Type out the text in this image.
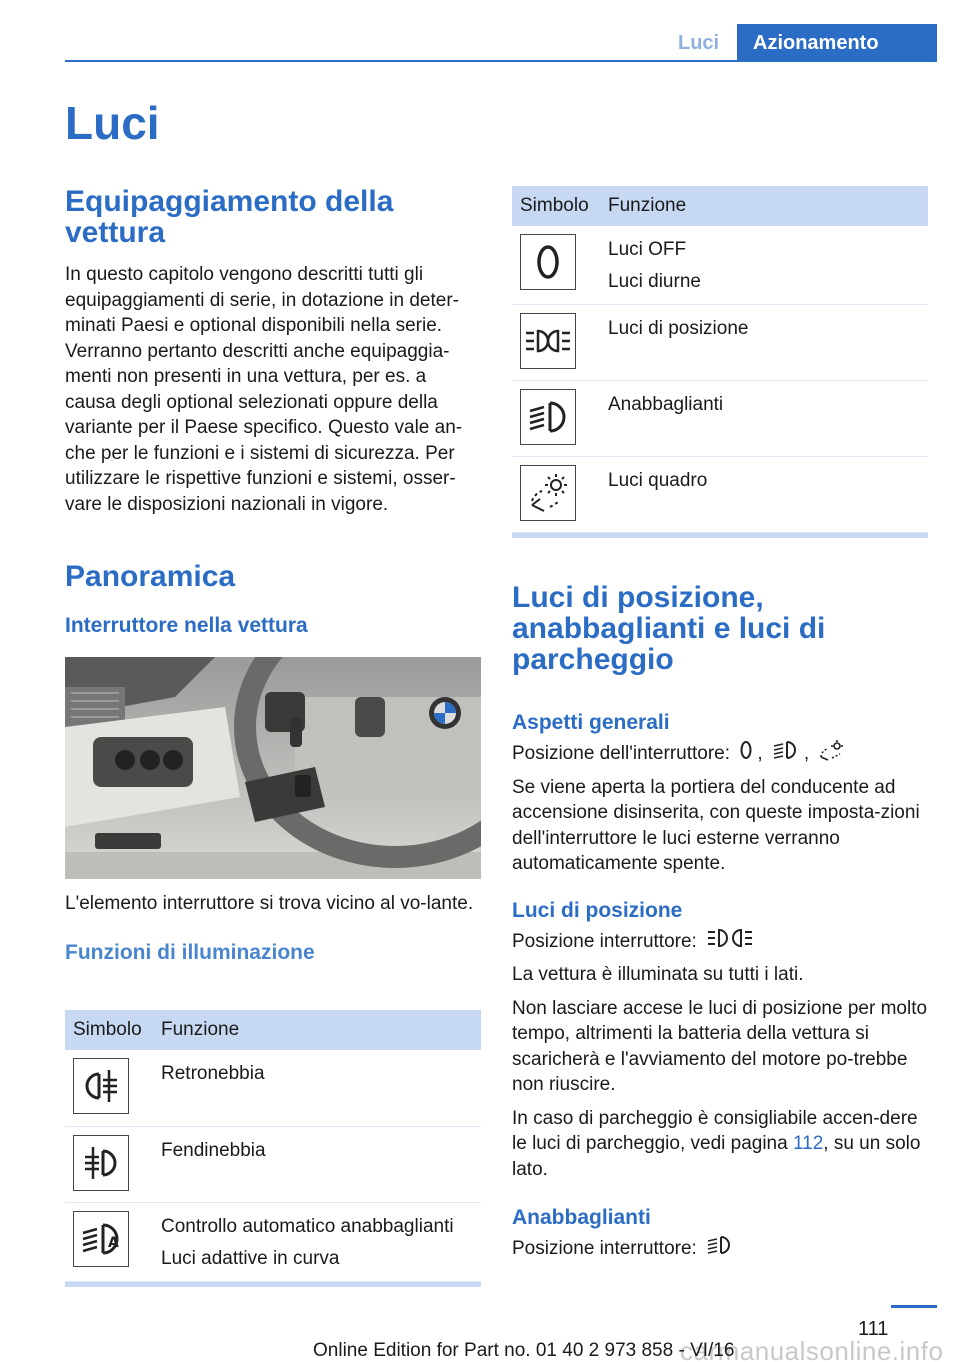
Luci	Azionamento
Luci
Equipaggiamento della vettura

In questo capitolo vengono descritti tutti gli equipaggiamenti di serie, in dotazione in deter-minati Paesi e optional disponibili nella serie. Verranno pertanto descritti anche equipaggia-menti non presenti in una vettura, per es. a causa degli optional selezionati oppure della variante per il Paese specifico. Questo vale an-che per le funzioni e i sistemi di sicurezza. Per utilizzare le rispettive funzioni e sistemi, osser-vare le disposizioni nazionali in vigore.

Panoramica
Interruttore nella vettura

L'elemento interruttore si trova vicino al vo-lante.

Funzioni di illuminazione
Simbolo	Funzione

Retronebbia

Fendinebbia

A	Controllo automatico anabbaglianti
Luci adattive in curva
Simbolo	Funzione

Luci OFF
Luci diurne

Luci di posizione

Anabbaglianti

Luci quadro
Luci di posizione, anabbaglianti e luci di parcheggio
Aspetti generali

Posizione dell'interruttore: , ,

Se viene aperta la portiera del conducente ad accensione disinserita, con queste imposta-zioni dell'interruttore le luci esterne verranno automaticamente spente.

Luci di posizione

Posizione interruttore:

La vettura è illuminata su tutti i lati.

Non lasciare accese le luci di posizione per molto tempo, altrimenti la batteria della vettura si scaricherà e l'avviamento del motore po-trebbe non riuscire.

In caso di parcheggio è consigliabile accen-dere le luci di parcheggio, vedi pagina 112, su un solo lato.

Anabbaglianti

Posizione interruttore:

111
carmanualsonline.info
Online Edition for Part no. 01 40 2 973 858 - VI/16
